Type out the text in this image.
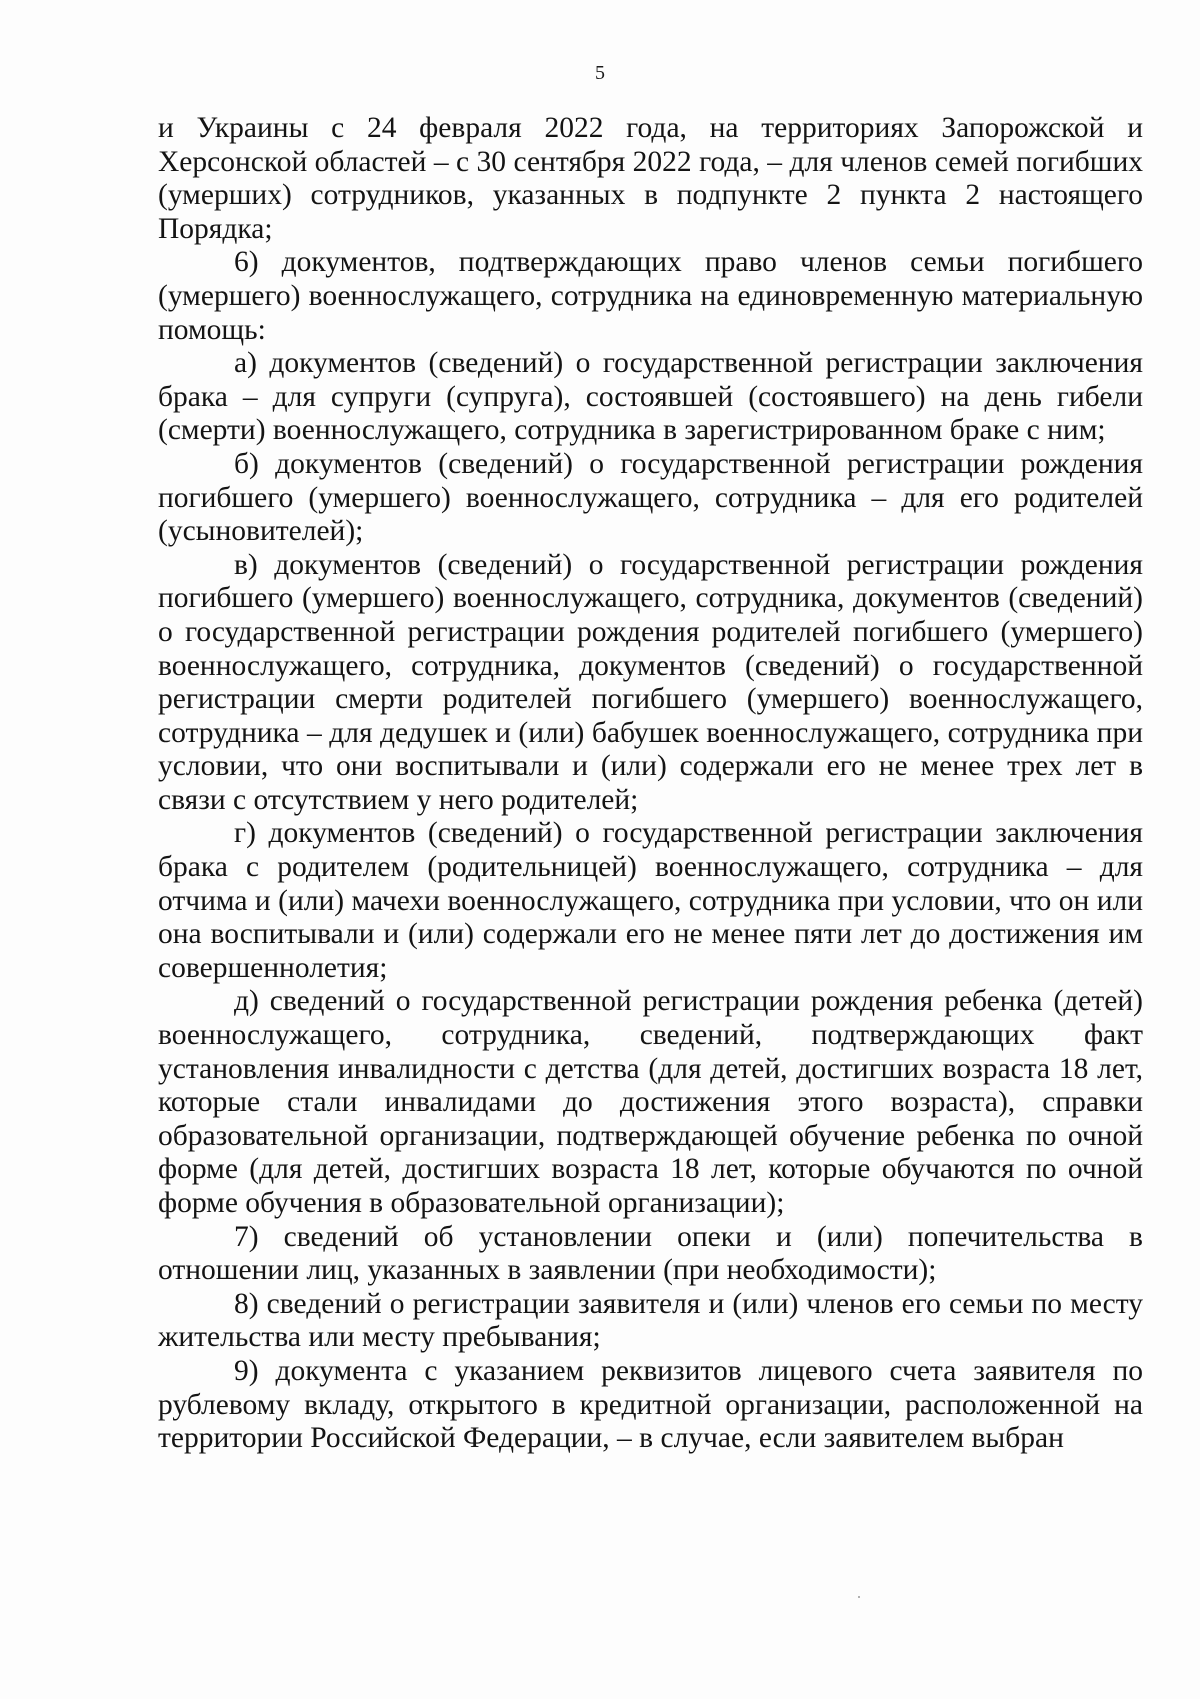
5

и Украины с 24 февраля 2022 года, на территориях Запорожской и Херсонской областей – с 30 сентября 2022 года, – для членов семей погибших (умерших) сотрудников, указанных в подпункте 2 пункта 2 настоящего Порядка;

6) документов, подтверждающих право членов семьи погибшего (умершего) военнослужащего, сотрудника на единовременную материальную помощь:

а) документов (сведений) о государственной регистрации заключения брака – для супруги (супруга), состоявшей (состоявшего) на день гибели (смерти) военнослужащего, сотрудника в зарегистрированном браке с ним;

б) документов (сведений) о государственной регистрации рождения погибшего (умершего) военнослужащего, сотрудника – для его родителей (усыновителей);

в) документов (сведений) о государственной регистрации рождения погибшего (умершего) военнослужащего, сотрудника, документов (сведений) о государственной регистрации рождения родителей погибшего (умершего) военнослужащего, сотрудника, документов (сведений) о государственной регистрации смерти родителей погибшего (умершего) военнослужащего, сотрудника – для дедушек и (или) бабушек военнослужащего, сотрудника при условии, что они воспитывали и (или) содержали его не менее трех лет в связи с отсутствием у него родителей;

г) документов (сведений) о государственной регистрации заключения брака с родителем (родительницей) военнослужащего, сотрудника – для отчима и (или) мачехи военнослужащего, сотрудника при условии, что он или она воспитывали и (или) содержали его не менее пяти лет до достижения им совершеннолетия;

д) сведений о государственной регистрации рождения ребенка (детей) военнослужащего, сотрудника, сведений, подтверждающих факт установления инвалидности с детства (для детей, достигших возраста 18 лет, которые стали инвалидами до достижения этого возраста), справки образовательной организации, подтверждающей обучение ребенка по очной форме (для детей, достигших возраста 18 лет, которые обучаются по очной форме обучения в образовательной организации);

7) сведений об установлении опеки и (или) попечительства в отношении лиц, указанных в заявлении (при необходимости);

8) сведений о регистрации заявителя и (или) членов его семьи по месту жительства или месту пребывания;

9) документа с указанием реквизитов лицевого счета заявителя по рублевому вкладу, открытого в кредитной организации, расположенной на территории Российской Федерации, – в случае, если заявителем выбран
